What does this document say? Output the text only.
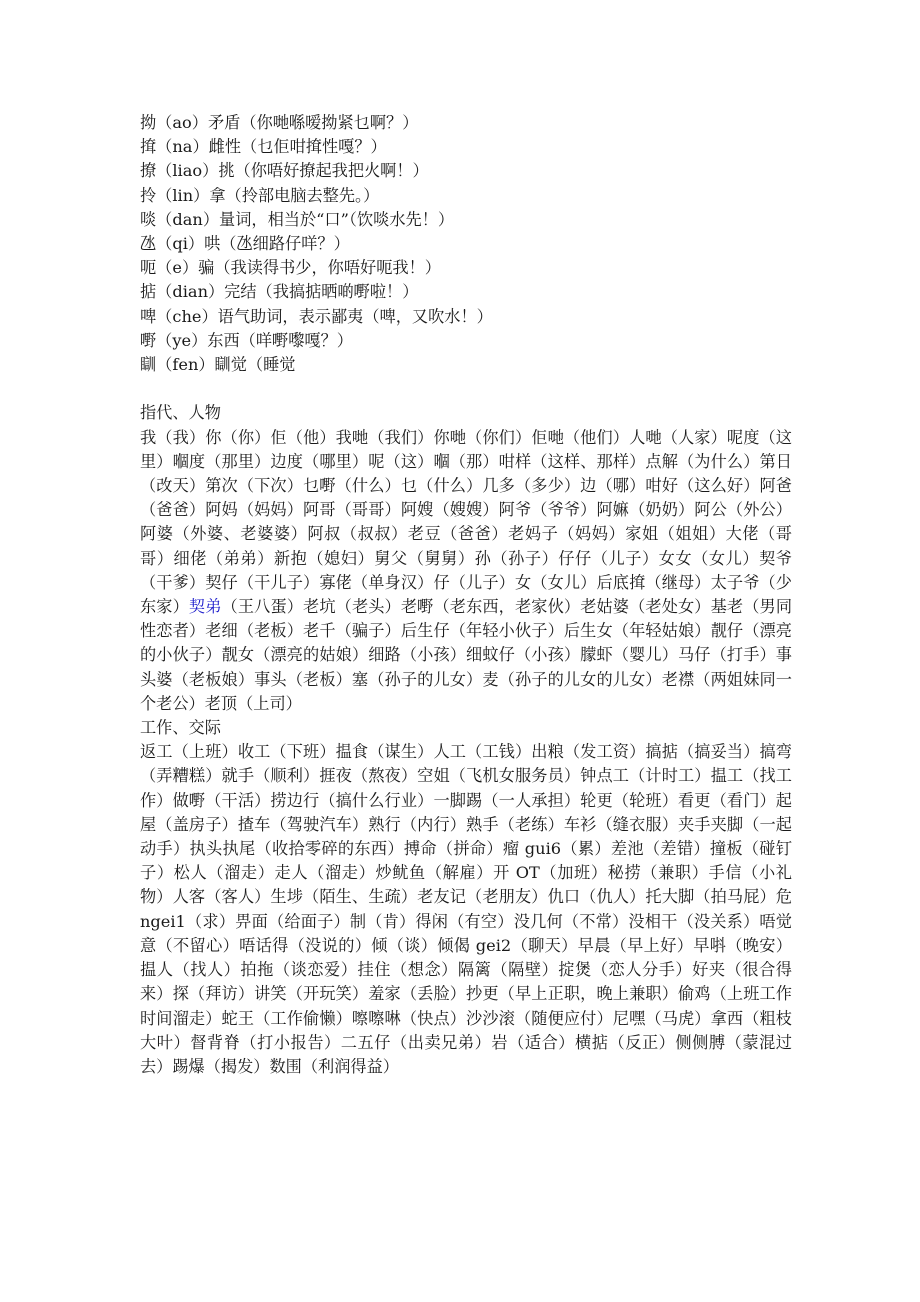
拗（ao）矛盾（你哋喺嗳拗紧乜啊？）
𢱕（na）雌性（乜佢咁𢱕性嘎？）
撩（liao）挑（你唔好撩起我把火啊！）
拎（lin）拿（拎部电脑去整先。）
啖（dan）量词，相当於“口”（饮啖水先！）
氹（qi）哄（氹细路仔咩？）
呃（e）骗（我读得书少，你唔好呃我！）
掂（dian）完结（我搞掂晒啲嘢啦！）
啤（che）语气助词，表示鄙夷（啤，又吹水！）
嘢（ye）东西（咩嘢嚟嘎？）
瞓（fen）瞓觉（睡觉
指代、人物
我（我）你（你）佢（他）我哋（我们）你哋（你们）佢哋（他们）人哋（人家）呢度（这里）嗰度（那里）边度（哪里）呢（这）嗰（那）咁样（这样、那样）点解（为什么）第日（改天）第次（下次）乜嘢（什么）乜（什么）几多（多少）边（哪）咁好（这么好）阿爸（爸爸）阿妈（妈妈）阿哥（哥哥）阿嫂（嫂嫂）阿爷（爷爷）阿嫲（奶奶）阿公（外公）阿婆（外婆、老婆婆）阿叔（叔叔）老豆（爸爸）老妈子（妈妈）家姐（姐姐）大佬（哥哥）细佬（弟弟）新抱（媳妇）舅父（舅舅）孙（孙子）仔仔（儿子）女女（女儿）契爷（干爹）契仔（干儿子）寡佬（单身汉）仔（儿子）女（女儿）后底𢱕（继母）太子爷（少东家）契弟（王八蛋）老坑（老头）老嘢（老东西，老家伙）老姑婆（老处女）基老（男同性恋者）老细（老板）老千（骗子）后生仔（年轻小伙子）后生女（年轻姑娘）靓仔（漂亮的小伙子）靓女（漂亮的姑娘）细路（小孩）细蚊仔（小孩）朦虾（婴儿）马仔（打手）事头婆（老板娘）事头（老板）塞（孙子的儿女）麦（孙子的儿女的儿女）老襟（两姐妹同一个老公）老顶（上司）
工作、交际
返工（上班）收工（下班）揾食（谋生）人工（工钱）出粮（发工资）搞掂（搞妥当）搞弯（弄糟糕）就手（顺利）捱夜（熬夜）空姐（飞机女服务员）钟点工（计时工）揾工（找工作）做嘢（干活）捞边行（搞什么行业）一脚踢（一人承担）轮更（轮班）看更（看门）起屋（盖房子）揸车（驾驶汽车）熟行（内行）熟手（老练）车衫（缝衣服）夹手夹脚（一起动手）执头执尾（收拾零碎的东西）搏命（拼命）瘤 gui6（累）差池（差错）撞板（碰钉子）松人（溜走）走人（溜走）炒鱿鱼（解雇）开 OT（加班）秘捞（兼职）手信（小礼物）人客（客人）生埗（陌生、生疏）老友记（老朋友）仇口（仇人）托大脚（拍马屁）危 ngei1（求）畀面（给面子）制（肯）得闲（有空）没几何（不常）没相干（没关系）唔觉意（不留心）唔话得（没说的）倾（谈）倾偈 gei2（聊天）早晨（早上好）早唞（晚安）揾人（找人）拍拖（谈恋爱）挂住（想念）隔篱（隔壁）掟煲（恋人分手）好夹（很合得来）探（拜访）讲笑（开玩笑）羞家（丢脸）抄更（早上正职，晚上兼职）偷鸡（上班工作时间溜走）蛇王（工作偷懒）嚓嚓啉（快点）沙沙滚（随便应付）尼嘿（马虎）拿西（粗枝大叶）督背脊（打小报告）二五仔（出卖兄弟）岩（适合）横掂（反正）侧侧膊（蒙混过去）踢爆（揭发）数围（利润得益）
